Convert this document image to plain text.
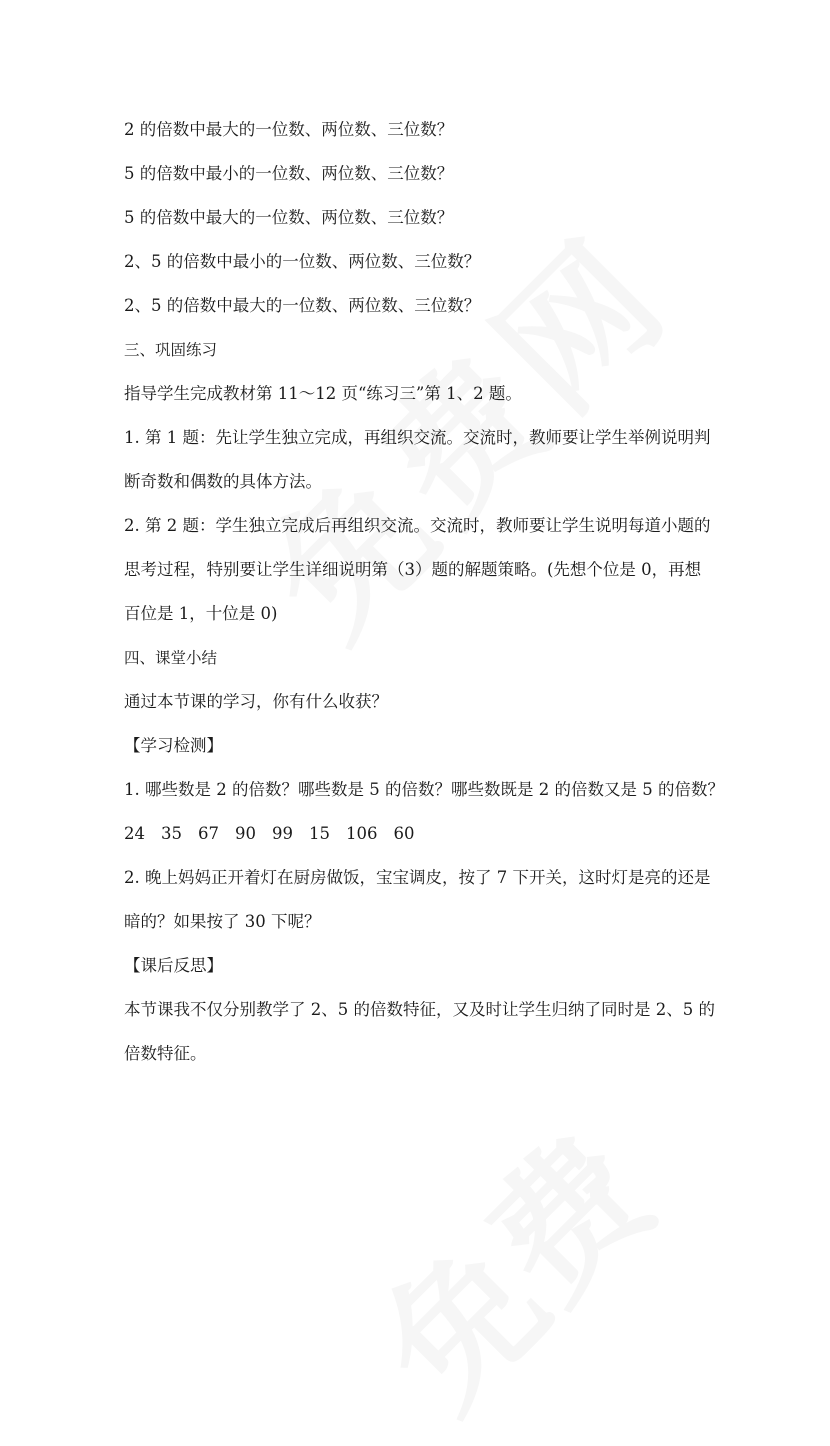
2 的倍数中最大的一位数、两位数、三位数？
5 的倍数中最小的一位数、两位数、三位数？
5 的倍数中最大的一位数、两位数、三位数？
2、5 的倍数中最小的一位数、两位数、三位数？
2、5 的倍数中最大的一位数、两位数、三位数？
三、巩固练习
指导学生完成教材第 11～12 页“练习三”第 1、2 题。
1. 第 1 题：先让学生独立完成，再组织交流。交流时，教师要让学生举例说明判
断奇数和偶数的具体方法。
2. 第 2 题：学生独立完成后再组织交流。交流时，教师要让学生说明每道小题的
思考过程，特别要让学生详细说明第（3）题的解题策略。(先想个位是 0，再想
百位是 1，十位是 0)
四、课堂小结
通过本节课的学习，你有什么收获？
【学习检测】
1. 哪些数是 2 的倍数？哪些数是 5 的倍数？哪些数既是 2 的倍数又是 5 的倍数？
24 35 67 90 99 15 106 60
2. 晚上妈妈正开着灯在厨房做饭，宝宝调皮，按了 7 下开关，这时灯是亮的还是
暗的？如果按了 30 下呢？
【课后反思】
本节课我不仅分别教学了 2、5 的倍数特征，又及时让学生归纳了同时是 2、5 的
倍数特征。
